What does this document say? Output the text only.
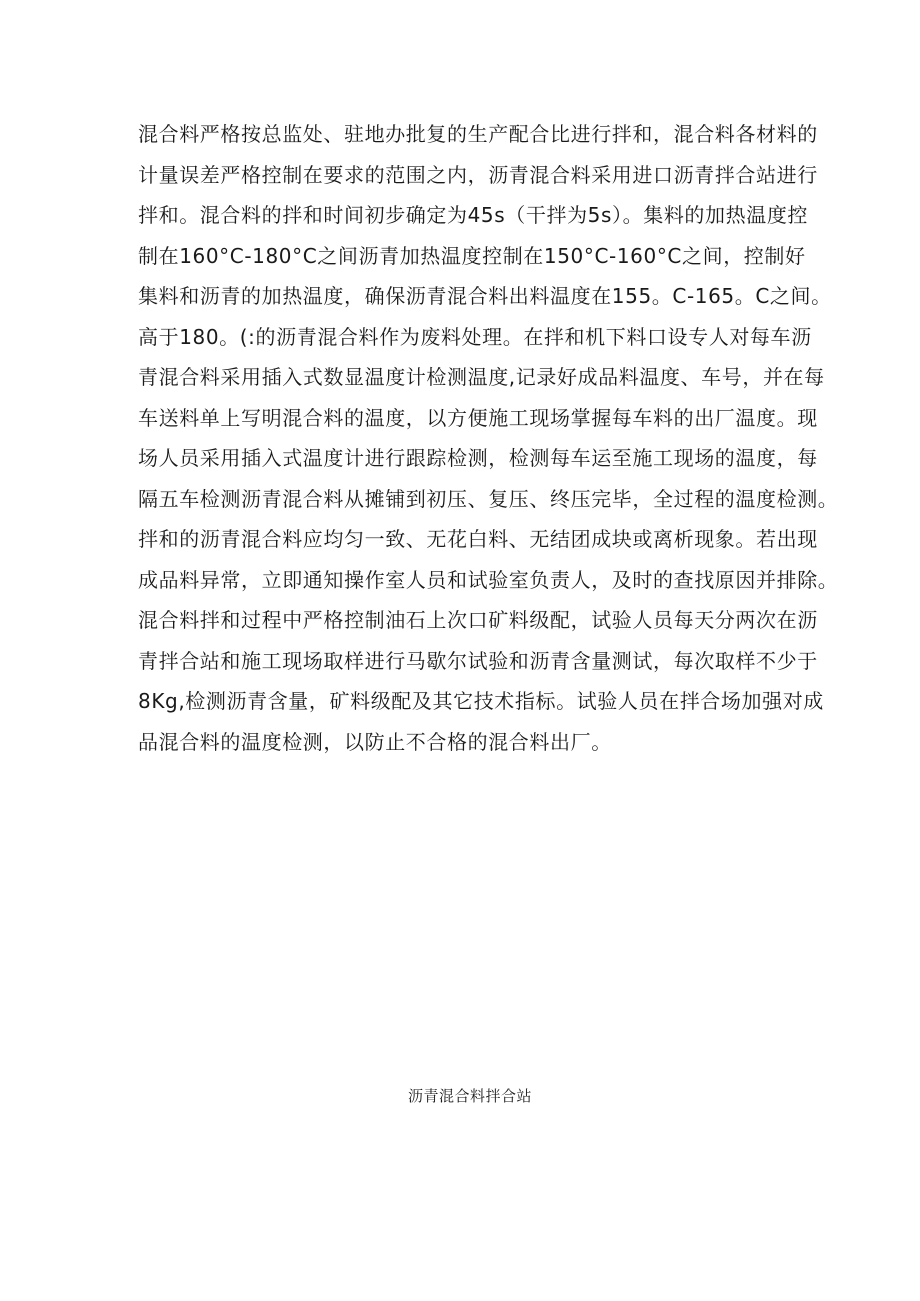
混合料严格按总监处、驻地办批复的生产配合比进行拌和，混合料各材料的
计量误差严格控制在要求的范围之内，沥青混合料采用进口沥青拌合站进行
拌和。混合料的拌和时间初步确定为45s（干拌为5s）。集料的加热温度控
制在160°C-180°C之间沥青加热温度控制在150°C-160°C之间，控制好
集料和沥青的加热温度，确保沥青混合料出料温度在155。C-165。C之间。
高于180。(:的沥青混合料作为废料处理。在拌和机下料口设专人对每车沥
青混合料采用插入式数显温度计检测温度,记录好成品料温度、车号，并在每
车送料单上写明混合料的温度，以方便施工现场掌握每车料的出厂温度。现
场人员采用插入式温度计进行跟踪检测，检测每车运至施工现场的温度，每
隔五车检测沥青混合料从摊铺到初压、复压、终压完毕，全过程的温度检测。
拌和的沥青混合料应均匀一致、无花白料、无结团成块或离析现象。若出现
成品料异常，立即通知操作室人员和试验室负责人，及时的查找原因并排除。
混合料拌和过程中严格控制油石上次口矿料级配，试验人员每天分两次在沥
青拌合站和施工现场取样进行马歇尔试验和沥青含量测试，每次取样不少于
8Kg,检测沥青含量，矿料级配及其它技术指标。试验人员在拌合场加强对成
品混合料的温度检测，以防止不合格的混合料出厂。

沥青混合料拌合站
